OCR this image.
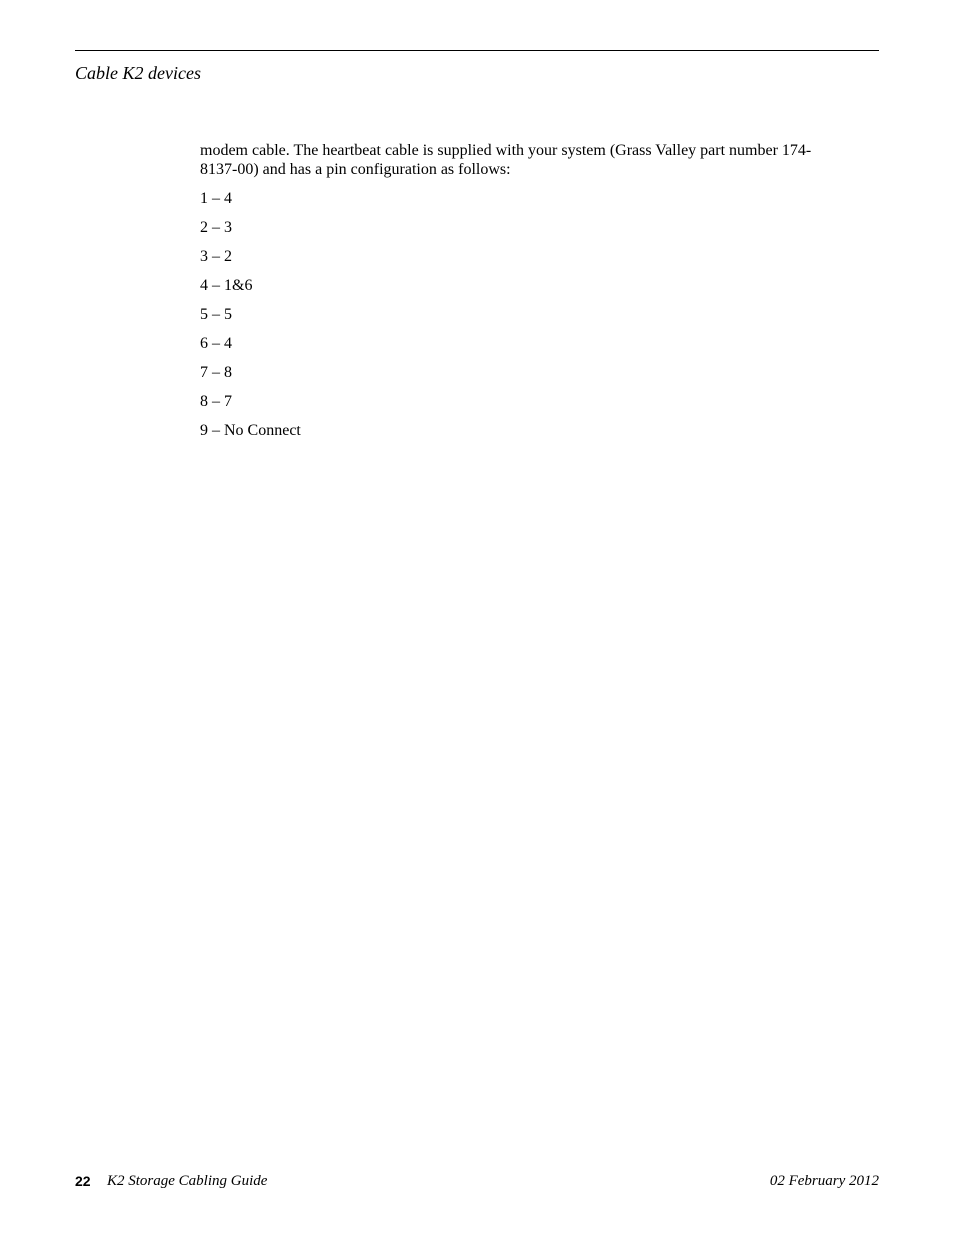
Cable K2 devices

modem cable. The heartbeat cable is supplied with your system (Grass Valley part number 174-8137-00) and has a pin configuration as follows:

1 – 4
2 – 3
3 – 2
4 – 1&6
5 – 5
6 – 4
7 – 8
8 – 7
9 – No Connect
22 K2 Storage Cabling Guide	02 February 2012
